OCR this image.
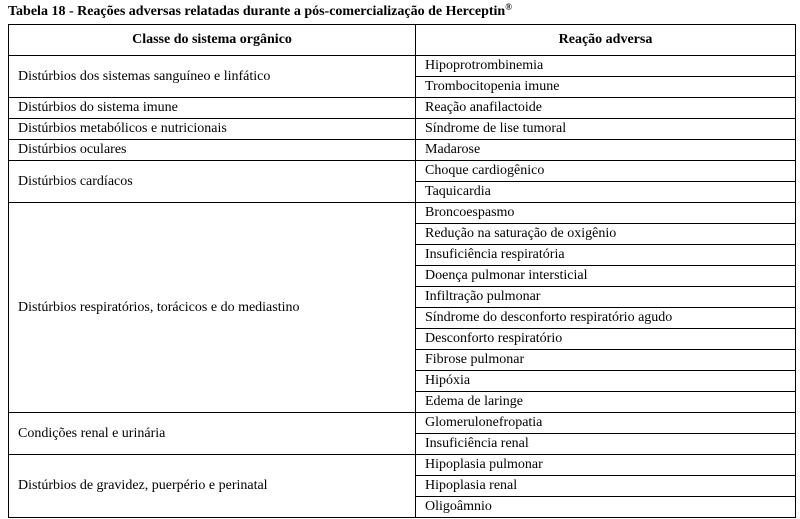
Tabela 18 - Reações adversas relatadas durante a pós-comercialização de Herceptin®
Classe do sistema orgânico	Reação adversa
Distúrbios dos sistemas sanguíneo e linfático	Hipoprotrombinemia
	Trombocitopenia imune
Distúrbios do sistema imune	Reação anafilactoide
Distúrbios metabólicos e nutricionais	Síndrome de lise tumoral
Distúrbios oculares	Madarose
Distúrbios cardíacos	Choque cardiogênico
	Taquicardia
Distúrbios respiratórios, torácicos e do mediastino	Broncoespasmo
	Redução na saturação de oxigênio
	Insuficiência respiratória
	Doença pulmonar intersticial
	Infiltração pulmonar
	Síndrome do desconforto respiratório agudo
	Desconforto respiratório
	Fibrose pulmonar
	Hipóxia
	Edema de laringe
Condições renal e urinária	Glomerulonefropatia
	Insuficiência renal
Distúrbios de gravidez, puerpério e perinatal	Hipoplasia pulmonar
	Hipoplasia renal
	Oligoâmnio
